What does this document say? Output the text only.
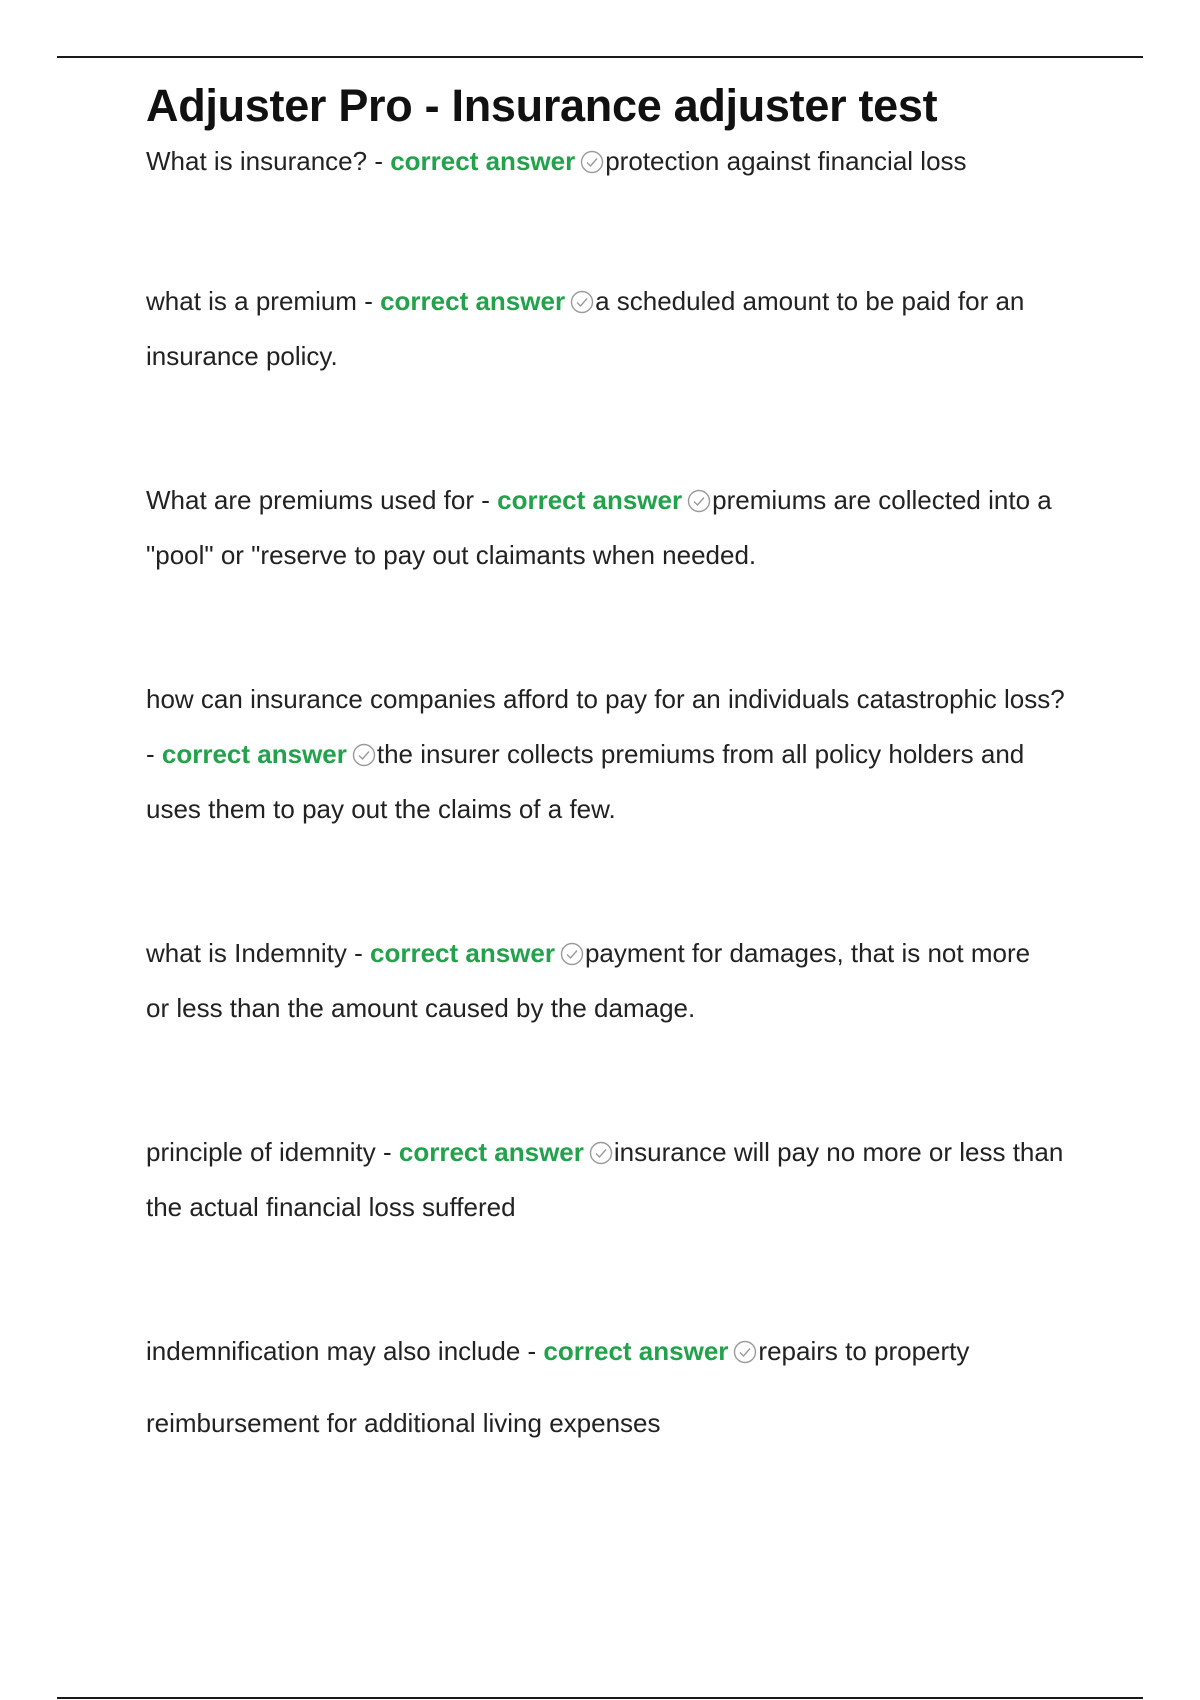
Adjuster Pro - Insurance adjuster test

What is insurance? - correct answer protection against financial loss

what is a premium - correct answer a scheduled amount to be paid for an insurance policy.

What are premiums used for - correct answer premiums are collected into a "pool" or "reserve to pay out claimants when needed.

how can insurance companies afford to pay for an individuals catastrophic loss? - correct answer the insurer collects premiums from all policy holders and uses them to pay out the claims of a few.

what is Indemnity - correct answer payment for damages, that is not more or less than the amount caused by the damage.

principle of idemnity - correct answer insurance will pay no more or less than the actual financial loss suffered

indemnification may also include - correct answer repairs to property

reimbursement for additional living expenses
